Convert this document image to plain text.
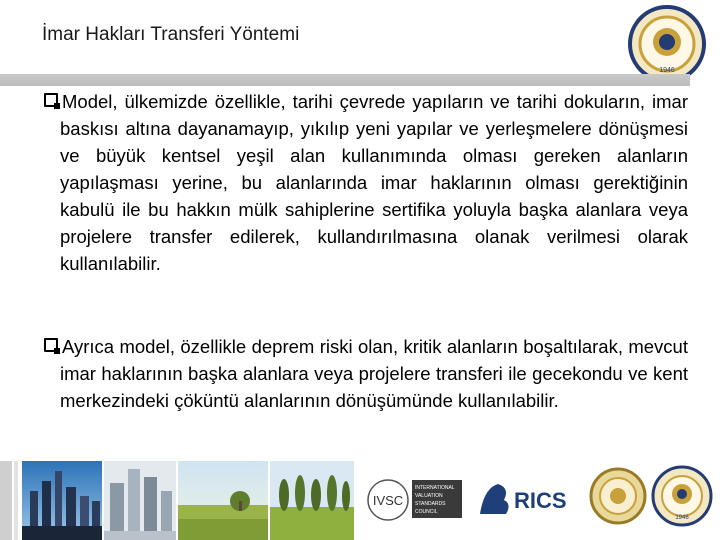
İmar Hakları Transferi Yöntemi
1946
Model, ülkemizde özellikle, tarihi çevrede yapıların ve tarihi dokuların, imar baskısı altına dayanamayıp, yıkılıp yeni yapılar ve yerleşmelere dönüşmesi ve büyük kentsel yeşil alan kullanımında olması gereken alanların yapılaşması yerine, bu alanlarında imar haklarının olması gerektiğinin kabulü ile bu hakkın mülk sahiplerine sertifika yoluyla başka alanlara veya projelere transfer edilerek, kullandırılmasına olanak verilmesi olarak kullanılabilir.
Ayrıca model, özellikle deprem riski olan, kritik alanların boşaltılarak, mevcut imar haklarının başka alanlara veya projelere transferi ile gecekondu ve kent merkezindeki çöküntü alanlarının dönüşümünde kullanılabilir.
IVSC
INTERNATIONAL
VALUATION
STANDARDS
COUNCIL	RICS
1946
